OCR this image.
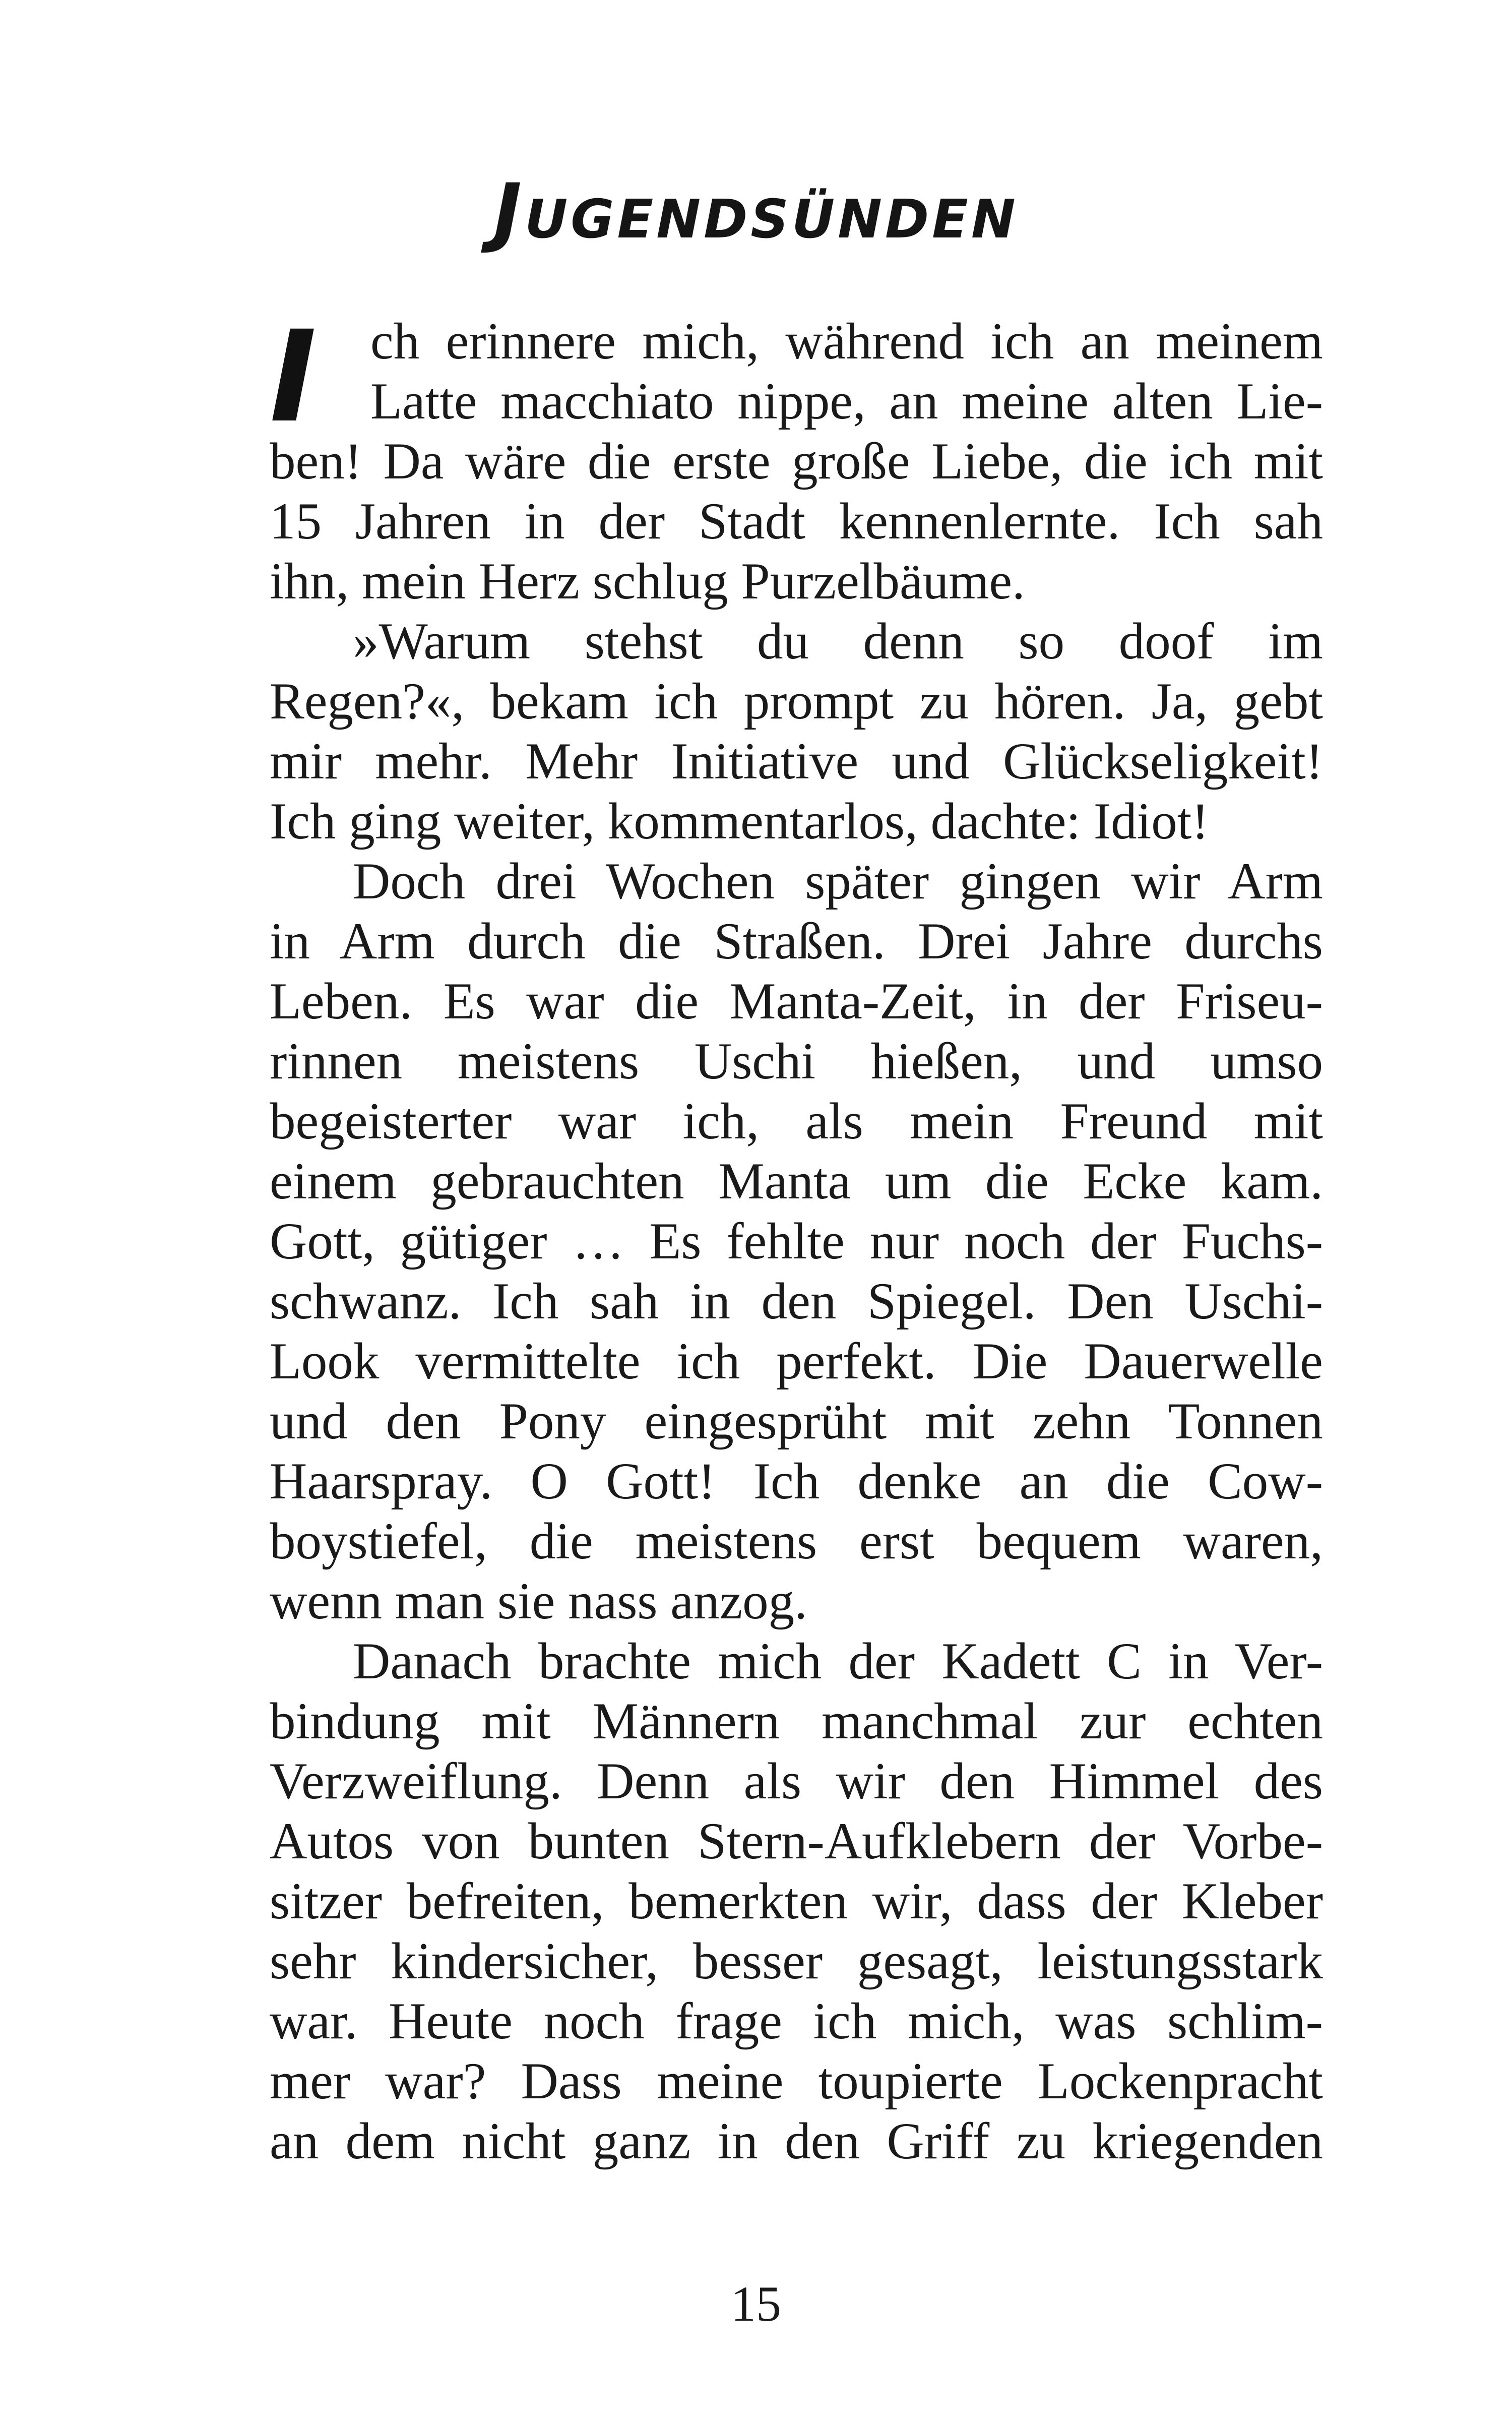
Jugendsünden
I	ch erinnere mich, während ich an meinem
Latte macchiato nippe, an meine alten Lie-
ben! Da wäre die erste große Liebe, die ich mit
15 Jahren in der Stadt kennenlernte. Ich sah
ihn, mein Herz schlug Purzelbäume.
»Warum stehst du denn so doof im
Regen?«, bekam ich prompt zu hören. Ja, gebt
mir mehr. Mehr Initiative und Glückseligkeit!
Ich ging weiter, kommentarlos, dachte: Idiot!
Doch drei Wochen später gingen wir Arm
in Arm durch die Straßen. Drei Jahre durchs
Leben. Es war die Manta-Zeit, in der Friseu-
rinnen meistens Uschi hießen, und umso
begeisterter war ich, als mein Freund mit
einem gebrauchten Manta um die Ecke kam.
Gott, gütiger … Es fehlte nur noch der Fuchs-
schwanz. Ich sah in den Spiegel. Den Uschi-
Look vermittelte ich perfekt. Die Dauerwelle
und den Pony eingesprüht mit zehn Tonnen
Haarspray. O Gott! Ich denke an die Cow-
boystiefel, die meistens erst bequem waren,
wenn man sie nass anzog.
Danach brachte mich der Kadett C in Ver-
bindung mit Männern manchmal zur echten
Verzweiflung. Denn als wir den Himmel des
Autos von bunten Stern-Aufklebern der Vorbe-
sitzer befreiten, bemerkten wir, dass der Kleber
sehr kindersicher, besser gesagt, leistungsstark
war. Heute noch frage ich mich, was schlim-
mer war? Dass meine toupierte Lockenpracht
an dem nicht ganz in den Griff zu kriegenden
15
